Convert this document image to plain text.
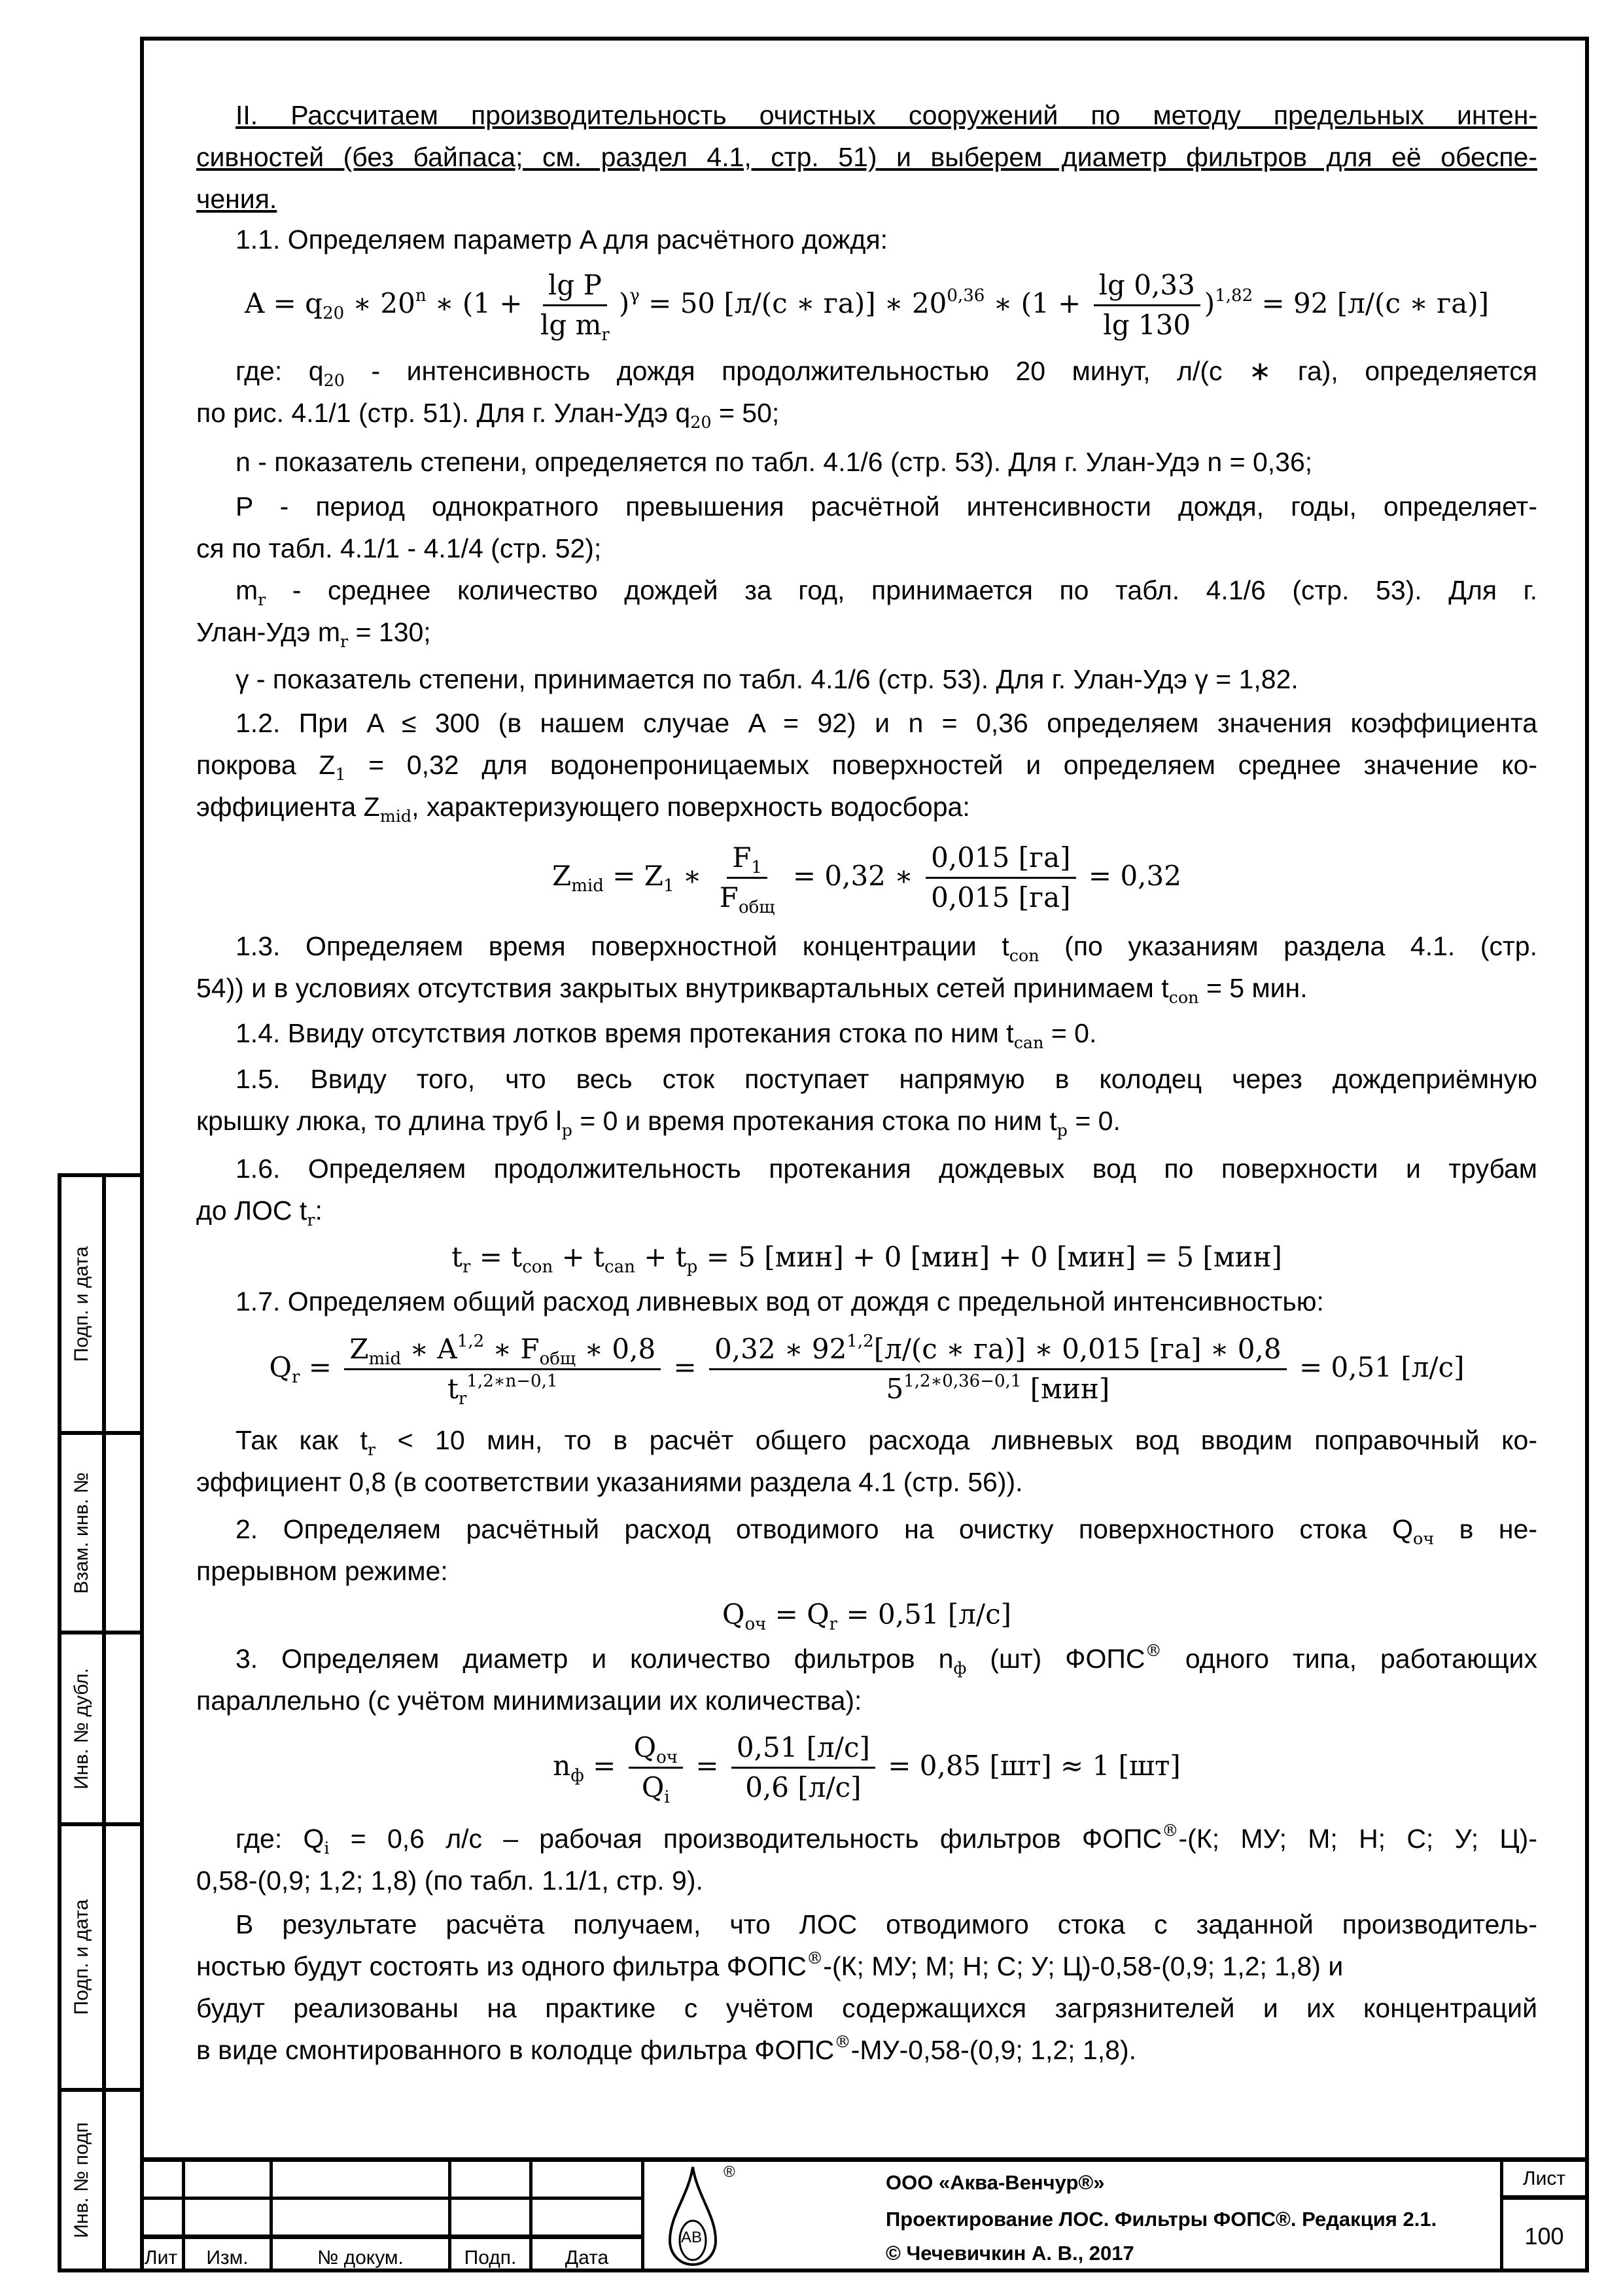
II. Рассчитаем производительность очистных сооружений по методу предельных интен-
сивностей (без байпаса; см. раздел 4.1, стр. 51) и выберем диаметр фильтров для её обеспе-
чения.
1.1. Определяем параметр A для расчётного дождя:
$A = q_{20}$ ∗ 20$^n$ ∗ $(1 + \frac{\text{lg P}}{\lg m_r} )^\gamma = 50$ [л/(с ∗ га)] ∗ 20$^{0,36}$ ∗ $(1 + \frac{\lg 0,33}{\lg 130} )^{1,82} = 92$ [л/(с ∗ га)]
где: $q_{20}$ - интенсивность дождя продолжительностью 20 минут, л/(с ∗ га), определяется
по рис. 4.1/1 (стр. 51). Для г. Улан-Удэ $q_{20} = 50$;
n - показатель степени, определяется по табл. 4.1/6 (стр. 53). Для г. Улан-Удэ n = 0,36;
P - период однократного превышения расчётной интенсивности дождя, годы, определяет-
ся по табл. 4.1/1 - 4.1/4 (стр. 52);
$m_r$ - среднее количество дождей за год, принимается по табл. 4.1/6 (стр. 53). Для г.
Улан-Удэ $m_r = 130$;
γ - показатель степени, принимается по табл. 4.1/6 (стр. 53). Для г. Улан-Удэ γ = 1,82.
1.2. При A ≤ 300 (в нашем случае A = 92) и n = 0,36 определяем значения коэффициента
покрова $Z_1 = 0,32$ для водонепроницаемых поверхностей и определяем среднее значение ко-
эффициента $Z_{mid}$, характеризующего поверхность водосбора:
$Z_{mid} = Z_1$ ∗ $\frac{F_1}{F_{общ}} = 0,32$ ∗ $\frac{0,015 [га]}{0,015 [га]} = 0,32$
1.3. Определяем время поверхностной концентрации $t_{con}$ (по указаниям раздела 4.1. (стр.
54)) и в условиях отсутствия закрытых внутриквартальных сетей принимаем $t_{con} = 5$ мин.
1.4. Ввиду отсутствия лотков время протекания стока по ним $t_{can} = 0$.
1.5. Ввиду того, что весь сток поступает напрямую в колодец через дождеприёмную
крышку люка, то длина труб $l_p = 0$ и время протекания стока по ним $t_p = 0$.
1.6. Определяем продолжительность протекания дождевых вод по поверхности и трубам
до ЛОС $t_r$:
$t_r = t_{con} + t_{can} + t_p = 5$ [мин] + 0 [мин] + 0 [мин] = 5 [мин]
1.7. Определяем общий расход ливневых вод от дождя с предельной интенсивностью:
$Q_r = \frac{Z_{mid} ∗ A^{1,2} ∗ F_{общ} ∗ 0,8}{t_r^{1,2∗n-0,1}} = \frac{0,32 ∗ 92^{1,2}[л/(с ∗ га)] ∗ 0,015 [га] ∗ 0,8}{5^{1,2∗0,36-0,1} [мин]} = 0,51$ [л/с]
Так как $t_r < 10$ мин, то в расчёт общего расхода ливневых вод вводим поправочный ко-
эффициент 0,8 (в соответствии указаниями раздела 4.1 (стр. 56)).
2. Определяем расчётный расход отводимого на очистку поверхностного стока $Q_{оч}$ в не-
прерывном режиме:
$Q_{оч} = Q_r = 0,51$ [л/с]
3. Определяем диаметр и количество фильтров $n_ф$ (шт) ФОПС® одного типа, работающих
параллельно (с учётом минимизации их количества):
$n_ф = \frac{Q_{оч}}{Q_i} = \frac{0,51 [л/с]}{0,6 [л/с]} = 0,85$ [шт] ≈ 1 [шт]
где: $Q_i = 0,6$ л/с – рабочая производительность фильтров ФОПС®-(К; МУ; М; Н; С; У; Ц)-
0,58-(0,9; 1,2; 1,8) (по табл. 1.1/1, стр. 9).
В результате расчёта получаем, что ЛОС отводимого стока с заданной производитель-
ностью будут состоять из одного фильтра ФОПС®-(К; МУ; М; Н; С; У; Ц)-0,58-(0,9; 1,2; 1,8) и
будут реализованы на практике с учётом содержащихся загрязнителей и их концентраций
в виде смонтированного в колодце фильтра ФОПС®-МУ-0,58-(0,9; 1,2; 1,8).
Подп. и дата
Взам. инв. №
Инв. № дубл.
Подп. и дата
Инв. № подп
Лит Изм.	№ докум.	Подп. Дата
Лист
100
АВ
®	ООО «Аква-Венчур®»
Проектирование ЛОС. Фильтры ФОПС®. Редакция 2.1.
© Чечевичкин А. В., 2017
